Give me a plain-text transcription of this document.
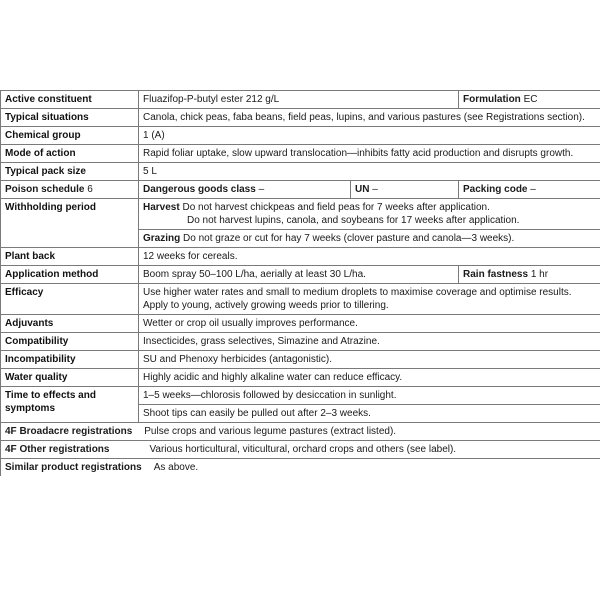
Active constituent	Fluazifop-P-butyl ester 212 g/L		Formulation EC
Typical situations	Canola, chick peas, faba beans, field peas, lupins, and various pastures (see Registrations section).		
Chemical group	1 (A)		
Mode of action	Rapid foliar uptake, slow upward translocation—inhibits fatty acid production and disrupts growth.		
Typical pack size	5 L		
Poison schedule 6	Dangerous goods class –	UN –	Packing code –
Withholding period	Harvest Do not harvest chickpeas and field peas for 7 weeks after application.
Do not harvest lupins, canola, and soybeans for 17 weeks after application.		
	Grazing Do not graze or cut for hay 7 weeks (clover pasture and canola—3 weeks).		
Plant back	12 weeks for cereals.		
Application method	Boom spray 50–100 L/ha, aerially at least 30 L/ha.		Rain fastness 1 hr
Efficacy	Use higher water rates and small to medium droplets to maximise coverage and optimise results. Apply to young, actively growing weeds prior to tillering.		
Adjuvants	Wetter or crop oil usually improves performance.		
Compatibility	Insecticides, grass selectives, Simazine and Atrazine.		
Incompatibility	SU and Phenoxy herbicides (antagonistic).		
Water quality	Highly acidic and highly alkaline water can reduce efficacy.		
Time to effects and symptoms	1–5 weeks—chlorosis followed by desiccation in sunlight.		
	Shoot tips can easily be pulled out after 2–3 weeks.		
4F Broadacre registrations Pulse crops and various legume pastures (extract listed).			
4F Other registrations Various horticultural, viticultural, orchard crops and others (see label).			
Similar product registrations As above.			
